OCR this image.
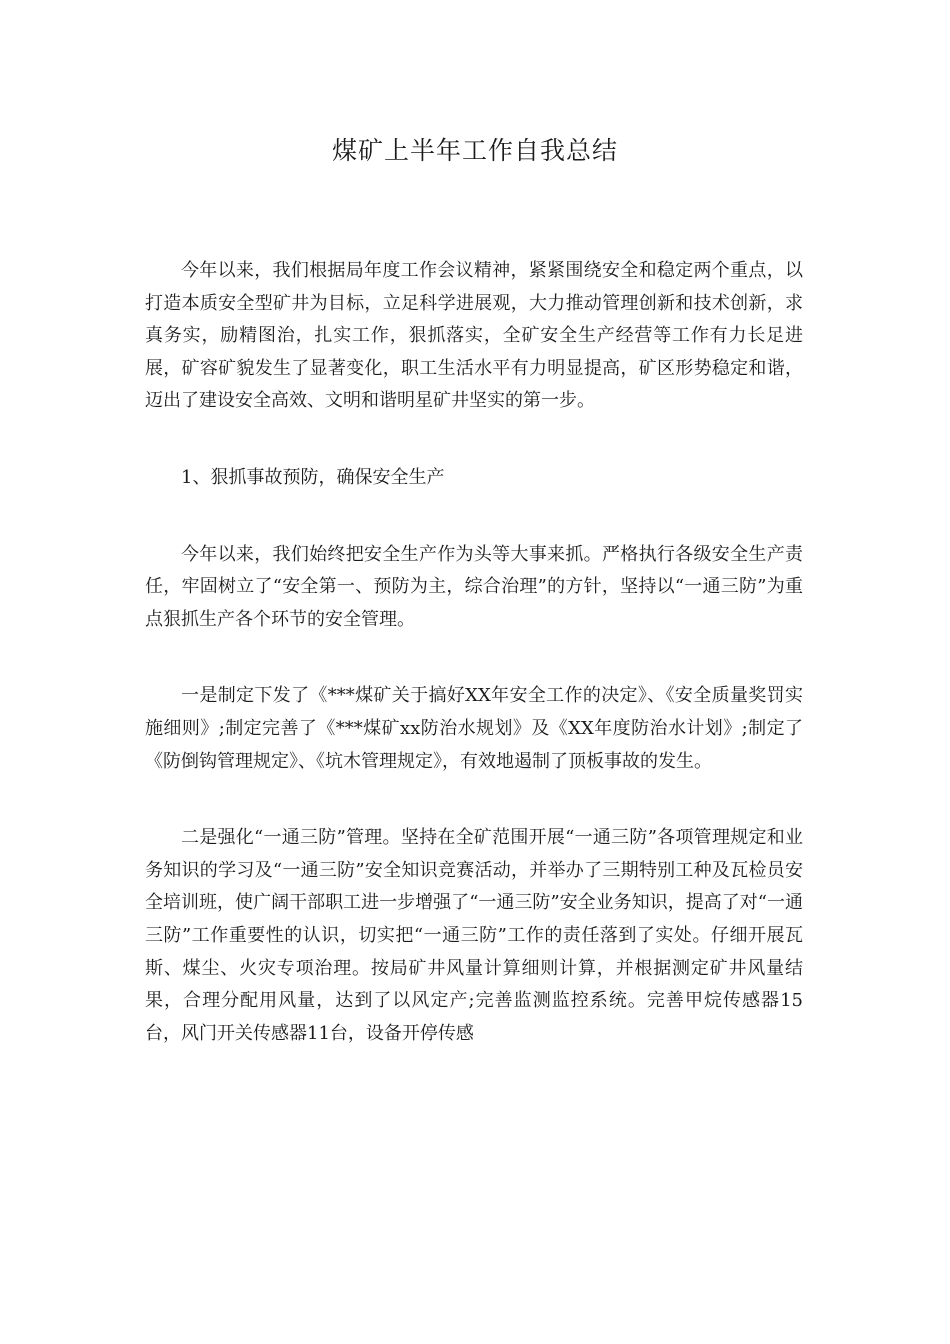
煤矿上半年工作自我总结

今年以来，我们根据局年度工作会议精神，紧紧围绕安全和稳定两个重点，以打造本质安全型矿井为目标，立足科学进展观，大力推动管理创新和技术创新，求真务实，励精图治，扎实工作，狠抓落实，全矿安全生产经营等工作有力长足进展，矿容矿貌发生了显著变化，职工生活水平有力明显提高，矿区形势稳定和谐，迈出了建设安全高效、文明和谐明星矿井坚实的第一步。

1、狠抓事故预防，确保安全生产

今年以来，我们始终把安全生产作为头等大事来抓。严格执行各级安全生产责任，牢固树立了“安全第一、预防为主，综合治理”的方针，坚持以“一通三防”为重点狠抓生产各个环节的安全管理。

一是制定下发了《***煤矿关于搞好XX年安全工作的决定》、《安全质量奖罚实施细则》;制定完善了《***煤矿xx防治水规划》及《XX年度防治水计划》;制定了《防倒钩管理规定》、《坑木管理规定》，有效地遏制了顶板事故的发生。

二是强化“一通三防”管理。坚持在全矿范围开展“一通三防”各项管理规定和业务知识的学习及“一通三防”安全知识竞赛活动，并举办了三期特别工种及瓦检员安全培训班，使广阔干部职工进一步增强了“一通三防”安全业务知识，提高了对“一通三防”工作重要性的认识，切实把“一通三防”工作的责任落到了实处。仔细开展瓦斯、煤尘、火灾专项治理。按局矿井风量计算细则计算，并根据测定矿井风量结果，合理分配用风量，达到了以风定产;完善监测监控系统。完善甲烷传感器15台，风门开关传感器11台，设备开停传感
